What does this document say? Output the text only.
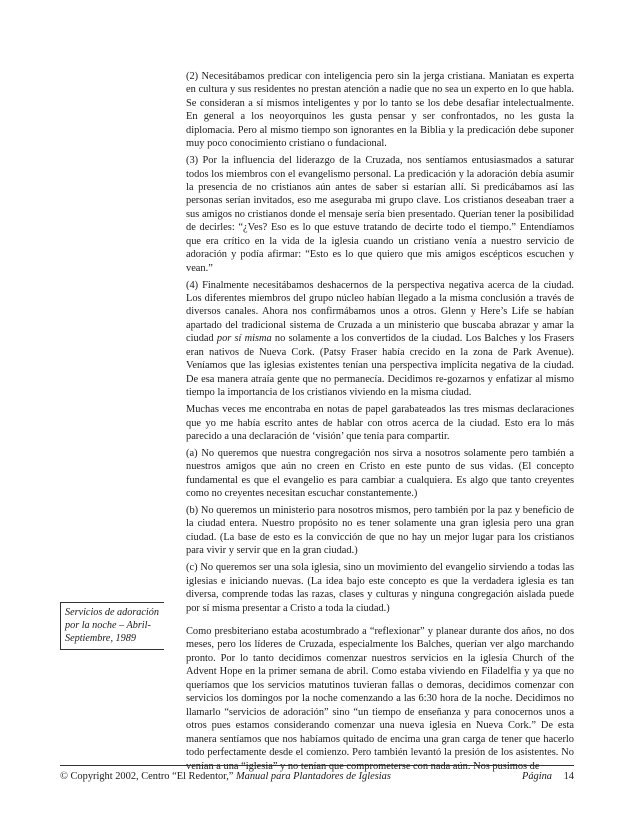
(2) Necesitábamos predicar con inteligencia pero sin la jerga cristiana. Maniatan es experta en cultura y sus residentes no prestan atención a nadie que no sea un experto en lo que habla. Se consideran a sí mismos inteligentes y por lo tanto se los debe desafiar intelectualmente. En general a los neoyorquinos les gusta pensar y ser confrontados, no les gusta la diplomacia. Pero al mismo tiempo son ignorantes en la Biblia y la predicación debe suponer muy poco conocimiento cristiano o fundacional.

(3) Por la influencia del liderazgo de la Cruzada, nos sentíamos entusiasmados a saturar todos los miembros con el evangelismo personal. La predicación y la adoración debía asumir la presencia de no cristianos aún antes de saber si estarían allí. Si predicábamos así las personas serían invitados, eso me aseguraba mi grupo clave. Los cristianos deseaban traer a sus amigos no cristianos donde el mensaje sería bien presentado. Querían tener la posibilidad de decirles: “¿Ves? Eso es lo que estuve tratando de decirte todo el tiempo.” Entendíamos que era crítico en la vida de la iglesia cuando un cristiano venía a nuestro servicio de adoración y podía afirmar: “Esto es lo que quiero que mis amigos escépticos escuchen y vean.”

(4) Finalmente necesitábamos deshacernos de la perspectiva negativa acerca de la ciudad. Los diferentes miembros del grupo núcleo habían llegado a la misma conclusión a través de diversos canales. Ahora nos confirmábamos unos a otros. Glenn y Here’s Life se habían apartado del tradicional sistema de Cruzada a un ministerio que buscaba abrazar y amar la ciudad por sí misma no solamente a los convertidos de la ciudad. Los Balches y los Frasers eran nativos de Nueva Cork. (Patsy Fraser había crecido en la zona de Park Avenue). Veníamos que las iglesias existentes tenían una perspectiva implícita negativa de la ciudad. De esa manera atraía gente que no permanecía. Decidimos re-gozarnos y enfatizar al mismo tiempo la importancia de los cristianos viviendo en la misma ciudad.

Muchas veces me encontraba en notas de papel garabateados las tres mismas declaraciones que yo me había escrito antes de hablar con otros acerca de la ciudad. Esto era lo más parecido a una declaración de ‘visión’ que tenía para compartir.

(a) No queremos que nuestra congregación nos sirva a nosotros solamente pero también a nuestros amigos que aún no creen en Cristo en este punto de sus vidas. (El concepto fundamental es que el evangelio es para cambiar a cualquiera. Es algo que tanto creyentes como no creyentes necesitan escuchar constantemente.)

(b) No queremos un ministerio para nosotros mismos, pero también por la paz y beneficio de la ciudad entera. Nuestro propósito no es tener solamente una gran iglesia pero una gran ciudad. (La base de esto es la convicción de que no hay un mejor lugar para los cristianos para vivir y servir que en la gran ciudad.)

(c) No queremos ser una sola iglesia, sino un movimiento del evangelio sirviendo a todas las iglesias e iniciando nuevas. (La idea bajo este concepto es que la verdadera iglesia es tan diversa, comprende todas las razas, clases y culturas y ninguna congregación aislada puede por sí misma presentar a Cristo a toda la ciudad.)

Como presbiteriano estaba acostumbrado a “reflexionar” y planear durante dos años, no dos meses, pero los líderes de Cruzada, especialmente los Balches, querían ver algo marchando pronto. Por lo tanto decidimos comenzar nuestros servicios en la iglesia Church of the Advent Hope en la primer semana de abril. Como estaba viviendo en Filadelfia y ya que no queríamos que los servicios matutinos tuvieran fallas o demoras, decidimos comenzar con servicios los domingos por la noche comenzando a las 6:30 hora de la noche. Decidimos no llamarlo “servicios de adoración” sino “un tiempo de enseñanza y para conocernos unos a otros pues estamos considerando comenzar una nueva iglesia en Nueva Cork.” De esta manera sentíamos que nos habíamos quitado de encima una gran carga de tener que hacerlo todo perfectamente desde el comienzo. Pero también levantó la presión de los asistentes. No venían a una “iglesia” y no tenían que comprometerse con nada aún. Nos pusimos de

Servicios de adoración por la noche – Abril-Septiembre, 1989
© Copyright 2002, Centro “El Redentor,” Manual para Plantadores de Iglesias	Página 14
